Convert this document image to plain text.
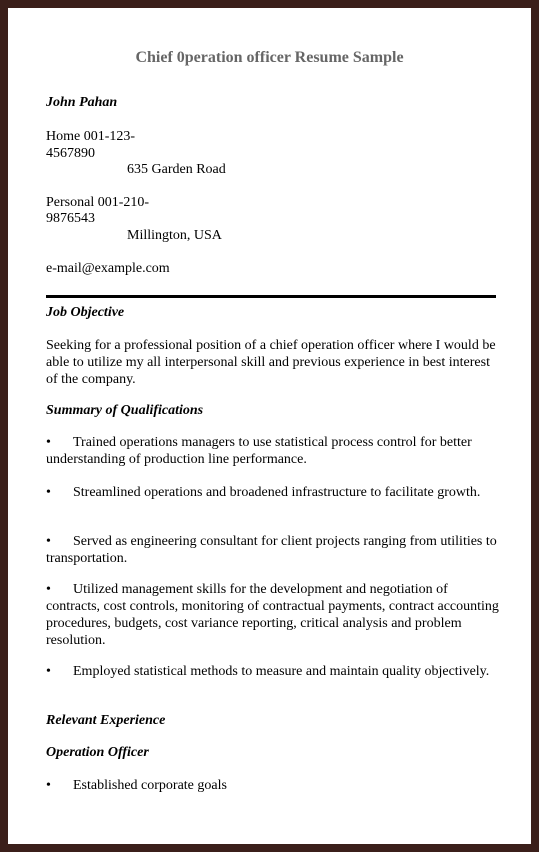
Chief 0peration officer Resume Sample
John Pahan
Home 001-123-
4567890
635 Garden Road
Personal 001-210-
9876543
Millington, USA
e-mail@example.com
Job Objective
Seeking for a professional position of a chief operation officer where I would be able to utilize my all interpersonal skill and previous experience in best interest of the company.
Summary of Qualifications
• Trained operations managers to use statistical process control for better understanding of production line performance.
• Streamlined operations and broadened infrastructure to facilitate growth.
• Served as engineering consultant for client projects ranging from utilities to transportation.
• Utilized management skills for the development and negotiation of contracts, cost controls, monitoring of contractual payments, contract accounting procedures, budgets, cost variance reporting, critical analysis and problem resolution.
• Employed statistical methods to measure and maintain quality objectively.
Relevant Experience
Operation Officer
• Established corporate goals
